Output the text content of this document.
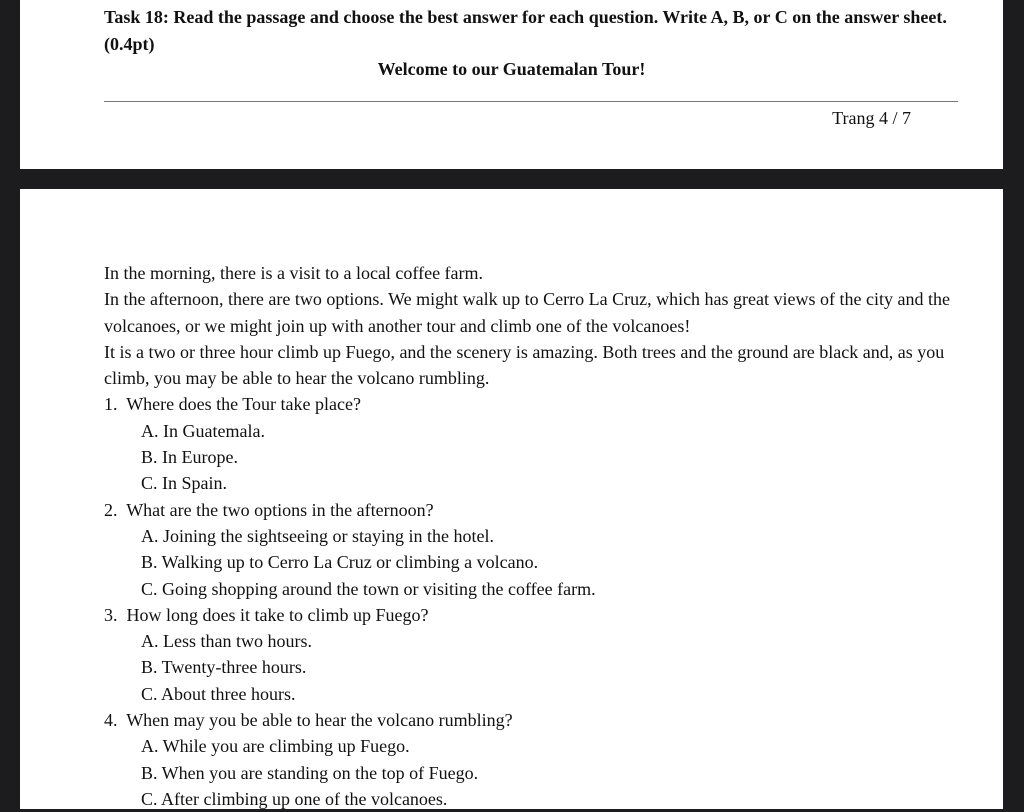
Task 18: Read the passage and choose the best answer for each question. Write A, B, or C on the answer sheet. (0.4pt)
Welcome to our Guatemalan Tour!
Trang 4 / 7

In the morning, there is a visit to a local coffee farm.

In the afternoon, there are two options. We might walk up to Cerro La Cruz, which has great views of the city and the volcanoes, or we might join up with another tour and climb one of the volcanoes!

It is a two or three hour climb up Fuego, and the scenery is amazing. Both trees and the ground are black and, as you climb, you may be able to hear the volcano rumbling.

1. Where does the Tour take place?

A. In Guatemala.

B. In Europe.

C. In Spain.

2. What are the two options in the afternoon?

A. Joining the sightseeing or staying in the hotel.

B. Walking up to Cerro La Cruz or climbing a volcano.

C. Going shopping around the town or visiting the coffee farm.

3. How long does it take to climb up Fuego?

A. Less than two hours.

B. Twenty-three hours.

C. About three hours.

4. When may you be able to hear the volcano rumbling?

A. While you are climbing up Fuego.

B. When you are standing on the top of Fuego.

C. After climbing up one of the volcanoes.
